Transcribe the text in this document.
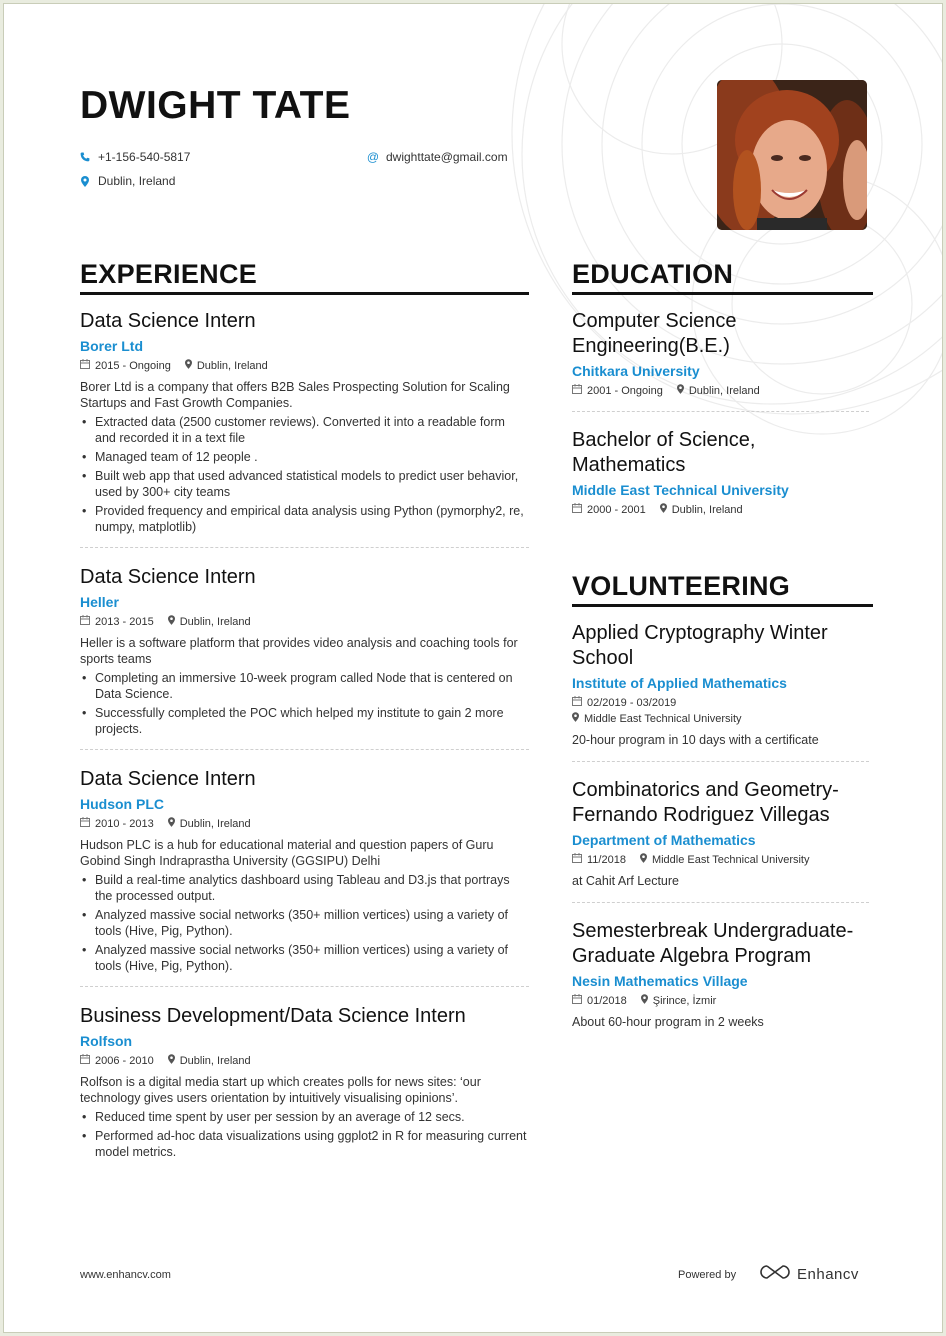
DWIGHT TATE
+1-156-540-5817	@ dwighttate@gmail.com
Dublin, Ireland
EXPERIENCE
Data Science Intern
Borer Ltd
2015 - Ongoing Dublin, Ireland
Borer Ltd is a company that offers B2B Sales Prospecting Solution for Scaling Startups and Fast Growth Companies.
• Extracted data (2500 customer reviews). Converted it into a readable form and recorded it in a text file
• Managed team of 12 people .
• Built web app that used advanced statistical models to predict user behavior, used by 300+ city teams
• Provided frequency and empirical data analysis using Python (pymorphy2, re, numpy, matplotlib)
Data Science Intern
Heller
2013 - 2015 Dublin, Ireland
Heller is a software platform that provides video analysis and coaching tools for sports teams
• Completing an immersive 10-week program called Node that is centered on Data Science.
• Successfully completed the POC which helped my institute to gain 2 more projects.
Data Science Intern
Hudson PLC
2010 - 2013 Dublin, Ireland
Hudson PLC is a hub for educational material and question papers of Guru Gobind Singh Indraprastha University (GGSIPU) Delhi
• Build a real-time analytics dashboard using Tableau and D3.js that portrays the processed output.
• Analyzed massive social networks (350+ million vertices) using a variety of tools (Hive, Pig, Python).
• Analyzed massive social networks (350+ million vertices) using a variety of tools (Hive, Pig, Python).
Business Development/Data Science Intern
Rolfson
2006 - 2010 Dublin, Ireland
Rolfson is a digital media start up which creates polls for news sites: ‘our technology gives users orientation by intuitively visualising opinions’.
• Reduced time spent by user per session by an average of 12 secs.
• Performed ad-hoc data visualizations using ggplot2 in R for measuring current model metrics.
EDUCATION
Computer Science Engineering(B.E.)
Chitkara University
2001 - Ongoing Dublin, Ireland
Bachelor of Science, Mathematics
Middle East Technical University
2000 - 2001 Dublin, Ireland
VOLUNTEERING
Applied Cryptography Winter School
Institute of Applied Mathematics
02/2019 - 03/2019
Middle East Technical University
20-hour program in 10 days with a certificate
Combinatorics and Geometry-Fernando Rodriguez Villegas
Department of Mathematics
11/2018 Middle East Technical University
at Cahit Arf Lecture
Semesterbreak Undergraduate-Graduate Algebra Program
Nesin Mathematics Village
01/2018 Şirince, İzmir
About 60-hour program in 2 weeks
www.enhancv.com	Powered by	Enhancv
